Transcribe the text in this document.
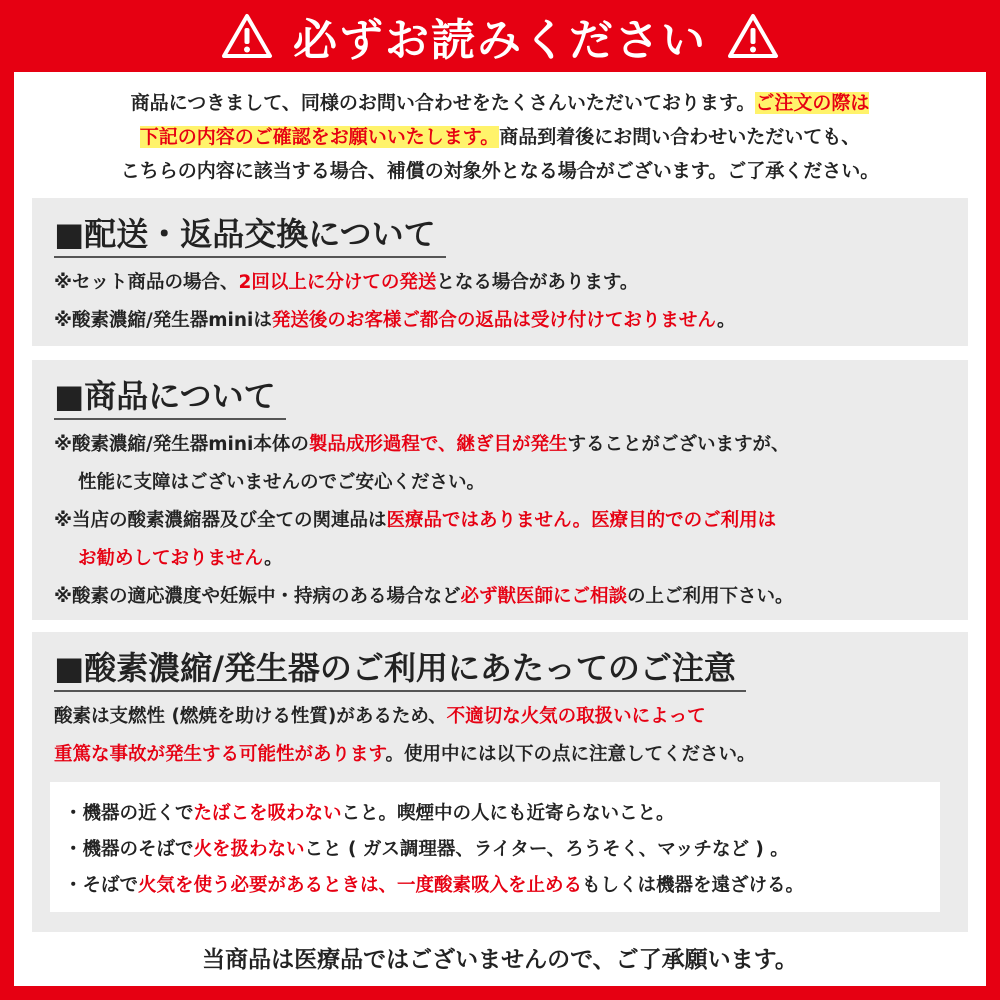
必ずお読みください
商品につきまして、同様のお問い合わせをたくさんいただいております。ご注文の際は
下記の内容のご確認をお願いいたします。商品到着後にお問い合わせいただいても、
こちらの内容に該当する場合、補償の対象外となる場合がございます。ご了承ください。
■配送・返品交換について
※セット商品の場合、2回以上に分けての発送となる場合があります。
※酸素濃縮/発生器miniは発送後のお客様ご都合の返品は受け付けておりません。
■商品について
※酸素濃縮/発生器mini本体の製品成形過程で、継ぎ目が発生することがございますが、
性能に支障はございませんのでご安心ください。
※当店の酸素濃縮器及び全ての関連品は医療品ではありません。医療目的でのご利用は
お勧めしておりません。
※酸素の適応濃度や妊娠中・持病のある場合など必ず獣医師にご相談の上ご利用下さい。
■酸素濃縮/発生器のご利用にあたってのご注意
酸素は支燃性 (燃焼を助ける性質)があるため、不適切な火気の取扱いによって
重篤な事故が発生する可能性があります。使用中には以下の点に注意してください。
・機器の近くでたばこを吸わないこと。喫煙中の人にも近寄らないこと。
・機器のそばで火を扱わないこと ( ガス調理器、ライター、ろうそく、マッチなど ) 。
・そばで火気を使う必要があるときは、一度酸素吸入を止めるもしくは機器を遠ざける。
当商品は医療品ではございませんので、ご了承願います。
